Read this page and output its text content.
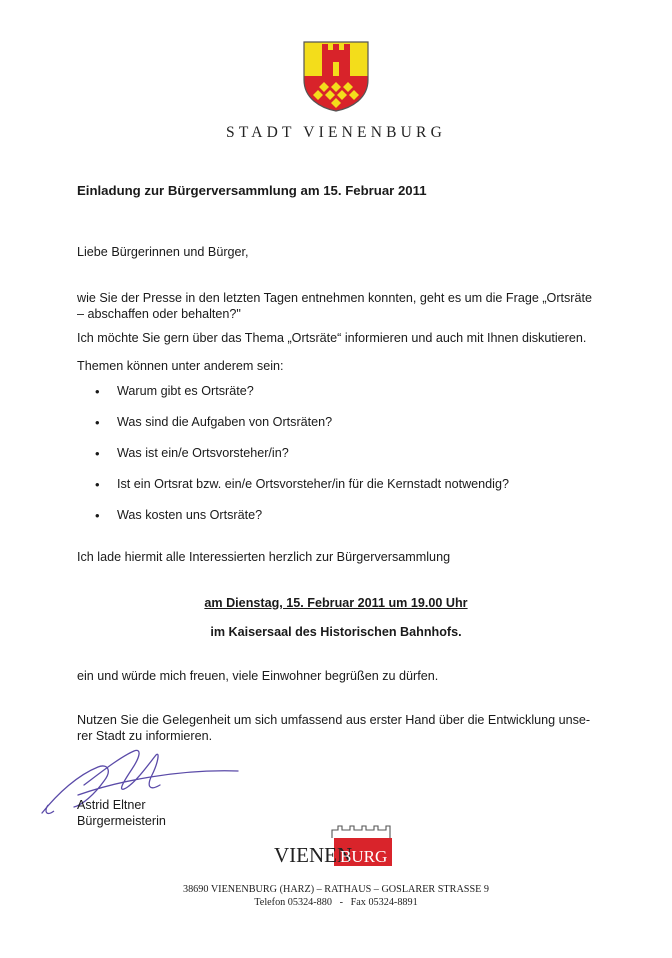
STADT VIENENBURG
Einladung zur Bürgerversammlung am 15. Februar 2011
Liebe Bürgerinnen und Bürger,
wie Sie der Presse in den letzten Tagen entnehmen konnten, geht es um die Frage „Ortsräte
– abschaffen oder behalten?"
Ich möchte Sie gern über das Thema „Ortsräte“ informieren und auch mit Ihnen diskutieren.
Themen können unter anderem sein:
• Warum gibt es Ortsräte?
• Was sind die Aufgaben von Ortsräten?
• Was ist ein/e Ortsvorsteher/in?
• Ist ein Ortsrat bzw. ein/e Ortsvorsteher/in für die Kernstadt notwendig?
• Was kosten uns Ortsräte?
Ich lade hiermit alle Interessierten herzlich zur Bürgerversammlung
am Dienstag, 15. Februar 2011 um 19.00 Uhr
im Kaisersaal des Historischen Bahnhofs.
ein und würde mich freuen, viele Einwohner begrüßen zu dürfen.
Nutzen Sie die Gelegenheit um sich umfassend aus erster Hand über die Entwicklung unse-
rer Stadt zu informieren.
Astrid Eltner
Bürgermeisterin
VIENEN
BURG
38690 VIENENBURG (HARZ) – RATHAUS – GOSLARER STRASSE 9
Telefon 05324-880   -   Fax 05324-8891
